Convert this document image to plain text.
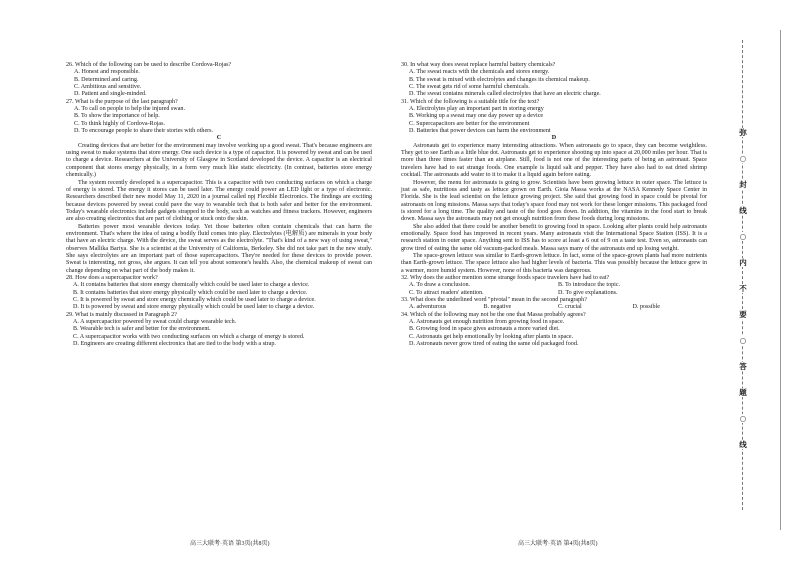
26. Which of the following can be used to describe Cordova-Rojas?

A. Honest and responsible.

B. Determined and caring.

C. Ambitious and sensitive.

D. Patient and single-minded.

27. What is the purpose of the last paragraph?

A. To call on people to help the injured swan.

B. To show the importance of help.

C. To think highly of Cordova-Rojas.

D. To encourage people to share their stories with others.

C

Creating devices that are better for the environment may involve working up a good sweat. That's because engineers are using sweat to make systems that store energy. One such device is a type of capacitor. It is powered by sweat and can be used to charge a device. Researchers at the University of Glasgow in Scotland developed the device. A capacitor is an electrical component that stores energy physically, in a form very much like static electricity. (In contrast, batteries store energy chemically.)

The system recently developed is a supercapacitor. This is a capacitor with two conducting surfaces on which a charge of energy is stored. The energy it stores can be used later. The energy could power an LED light or a type of electronic. Researchers described their new model May 11, 2020 in a journal called npj Flexible Electronics. The findings are exciting because devices powered by sweat could pave the way to wearable tech that is both safer and better for the environment. Today's wearable electronics include gadgets strapped to the body, such as watches and fitness trackers. However, engineers are also creating electronics that are part of clothing or stuck onto the skin.

Batteries power most wearable devices today. Yet those batteries often contain chemicals that can harm the environment. That's where the idea of using a bodily fluid comes into play. Electrolytes (电解质) are minerals in your body that have an electric charge. With the device, the sweat serves as the electrolyte. "That's kind of a new way of using sweat," observes Mallika Bariya. She is a scientist at the University of California, Berkeley. She did not take part in the new study. She says electrolytes are an important part of those supercapacitors. They're needed for these devices to provide power. Sweat is interesting, not gross, she argues. It can tell you about someone's health. Also, the chemical makeup of sweat can change depending on what part of the body makes it.

28. How does a supercapacitor work?

A. It contains batteries that store energy chemically which could be used later to charge a device.

B. It contains batteries that store energy physically which could be used later to charge a device.

C. It is powered by sweat and store energy chemically which could be used later to charge a device.

D. It is powered by sweat and store energy physically which could be used later to charge a device.

29. What is mainly discussed in Paragraph 2?

A. A supercapacitor powered by sweat could charge wearable tech.

B. Wearable tech is safer and better for the environment.

C. A supercapacitor works with two conducting surfaces on which a charge of energy is stored.

D. Engineers are creating different electronics that are tied to the body with a strap.

30. In what way does sweat replace harmful battery chemicals?

A. The sweat reacts with the chemicals and stores energy.

B. The sweat is mixed with electrolytes and changes its chemical makeup.

C. The sweat gets rid of some harmful chemicals.

D. The sweat contains minerals called electrolytes that have an electric charge.

31. Which of the following is a suitable title for the text?

A. Electrolytes play an important part in storing energy

B. Working up a sweat may one day power up a device

C. Supercapacitors are better for the environment

D. Batteries that power devices can harm the environment

D

Astronauts get to experience many interesting attractions. When astronauts go to space, they can become weightless. They get to see Earth as a little blue dot. Astronauts get to experience shooting up into space at 20,000 miles per hour. That is more than three times faster than an airplane. Still, food is not one of the interesting parts of being an astronaut. Space travelers have had to eat strange foods. One example is liquid salt and pepper. They have also had to eat dried shrimp cocktail. The astronauts add water to it to make it a liquid again before eating.

However, the menu for astronauts is going to grow. Scientists have been growing lettuce in outer space. The lettuce is just as safe, nutritious and tasty as lettuce grown on Earth. Gioia Massa works at the NASA Kennedy Space Center in Florida. She is the lead scientist on the lettuce growing project. She said that growing food in space could be pivotal for astronauts on long missions. Massa says that today's space food may not work for these longer missions. This packaged food is stored for a long time. The quality and taste of the food goes down. In addition, the vitamins in the food start to break down. Massa says the astronauts may not get enough nutrition from these foods during long missions.

She also added that there could be another benefit to growing food in space. Looking after plants could help astronauts emotionally. Space food has improved in recent years. Many astronauts visit the International Space Station (ISS). It is a research station in outer space. Anything sent to ISS has to score at least a 6 out of 9 on a taste test. Even so, astronauts can grow tired of eating the same old vacuum-packed meals. Massa says many of the astronauts end up losing weight.

The space-grown lettuce was similar to Earth-grown lettuce. In fact, some of the space-grown plants had more nutrients than Earth-grown lettuce. The space lettuce also had higher levels of bacteria. This was possibly because the lettuce grew in a warmer, more humid system. However, none of this bacteria was dangerous.

32. Why does the author mention some strange foods space travelers have had to eat?

A. To draw a conclusion.	B. To introduce the topic.

C. To attract readers' attention.	D. To give explanations.

33. What does the underlined word "pivotal" mean in the second paragraph?

A. adventurous	B. negative	C. crucial	D. possible

34. Which of the following may not be the one that Massa probably agrees?

A. Astronauts get enough nutrition from growing food in space.

B. Growing food in space gives astronauts a more varied diet.

C. Astronauts get help emotionally by looking after plants in space.

D. Astronauts never grow tired of eating the same old packaged food.

高三大联考·英语 第3页(共8页)	高三大联考·英语 第4页(共8页)
弥
○
封
线
○
内
不
要
○
答
题
○
线
